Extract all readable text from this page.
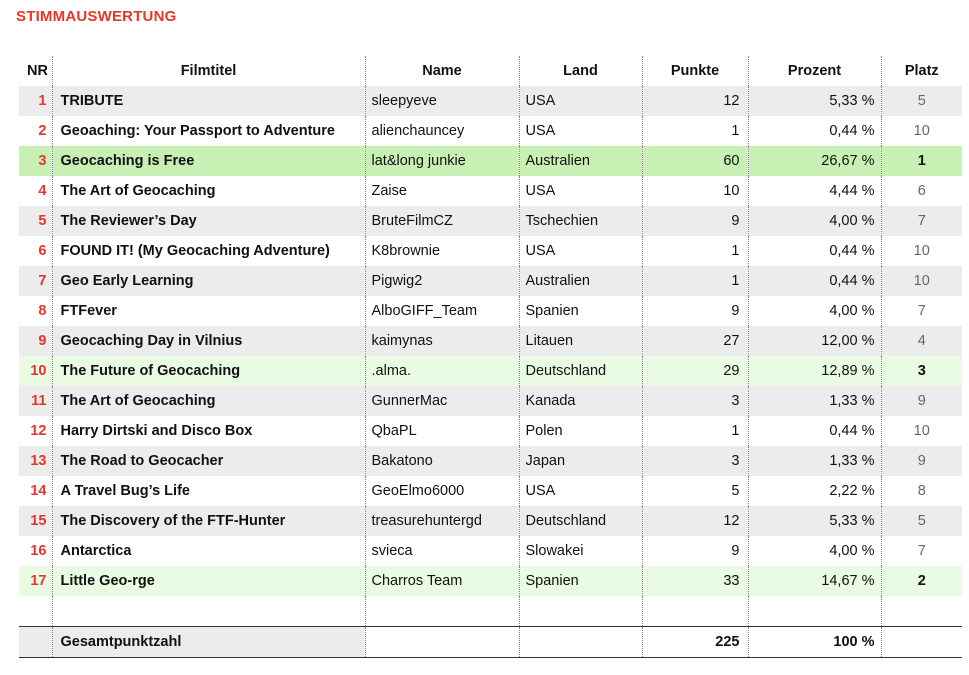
STIMMAUSWERTUNG
NR	Filmtitel	Name	Land	Punkte	Prozent	Platz
1	TRIBUTE	sleepyeve	USA	12	5,33 %	5
2	Geoaching: Your Passport to Adventure	alienchauncey	USA	1	0,44 %	10
3	Geocaching is Free	lat&long junkie	Australien	60	26,67 %	1
4	The Art of Geocaching	Zaise	USA	10	4,44 %	6
5	The Reviewer’s Day	BruteFilmCZ	Tschechien	9	4,00 %	7
6	FOUND IT! (My Geocaching Adventure)	K8brownie	USA	1	0,44 %	10
7	Geo Early Learning	Pigwig2	Australien	1	0,44 %	10
8	FTFever	AlboGIFF_Team	Spanien	9	4,00 %	7
9	Geocaching Day in Vilnius	kaimynas	Litauen	27	12,00 %	4
10	The Future of Geocaching	.alma.	Deutschland	29	12,89 %	3
11	The Art of Geocaching	GunnerMac	Kanada	3	1,33 %	9
12	Harry Dirtski and Disco Box	QbaPL	Polen	1	0,44 %	10
13	The Road to Geocacher	Bakatono	Japan	3	1,33 %	9
14	A Travel Bug’s Life	GeoElmo6000	USA	5	2,22 %	8
15	The Discovery of the FTF-Hunter	treasurehuntergd	Deutschland	12	5,33 %	5
16	Antarctica	svieca	Slowakei	9	4,00 %	7
17	Little Geo-rge	Charros Team	Spanien	33	14,67 %	2

	Gesamtpunktzahl			225	100 %	
